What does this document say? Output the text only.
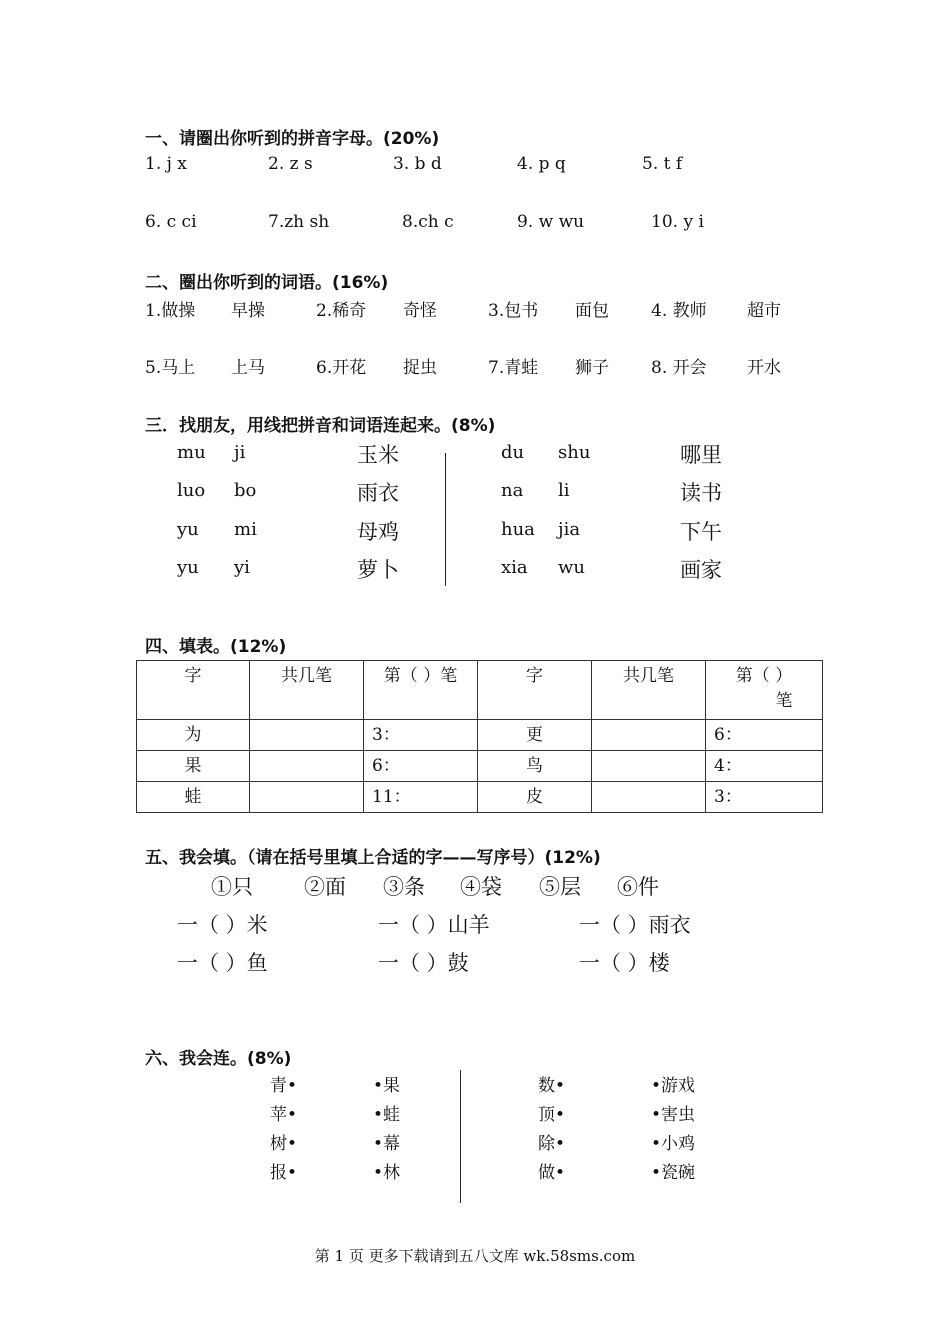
一、请圈出你听到的拼音字母。(20%)
1. j x	2. z s	3. b d	4. p q	5. t f
6. c ci	7.zh sh	8.ch c	9. w wu	10. y i
二、圈出你听到的词语。(16%)
1.做操 早操	2.稀奇 奇怪	3.包书 面包 4. 教师 超市
5.马上 上马	6.开花 捉虫	7.青蛙 狮子 8. 开会 开水
三．找朋友，用线把拼音和词语连起来。(8%)
mu ji
luo bo
yu mi
yu yi
玉米
雨衣
母鸡
萝卜
du shu
na li
hua jia
xia wu
哪里
读书
下午
画家
四、填表。(12%)
字	共几笔	第（ ）笔	字	共几笔	第（ ）
笔
为		3：	更		6：
果		6：	鸟		4：
蛙		11：	皮		3：
五、我会填。（请在括号里填上合适的字——写序号）(12%)
①只 ②面 ③条 ④袋 ⑤层 ⑥件
一（ ）米	一（ ）山羊	一（ ）雨衣
一（ ）鱼	一（ ）鼓	一（ ）楼
六、我会连。(8%)
青•
苹•
树•
报•
•果
•蛙
•幕
•林
数•
顶•
除•
做•
•游戏
•害虫
•小鸡
•瓷碗
第 1 页 更多下载请到五八文库 wk.58sms.com
